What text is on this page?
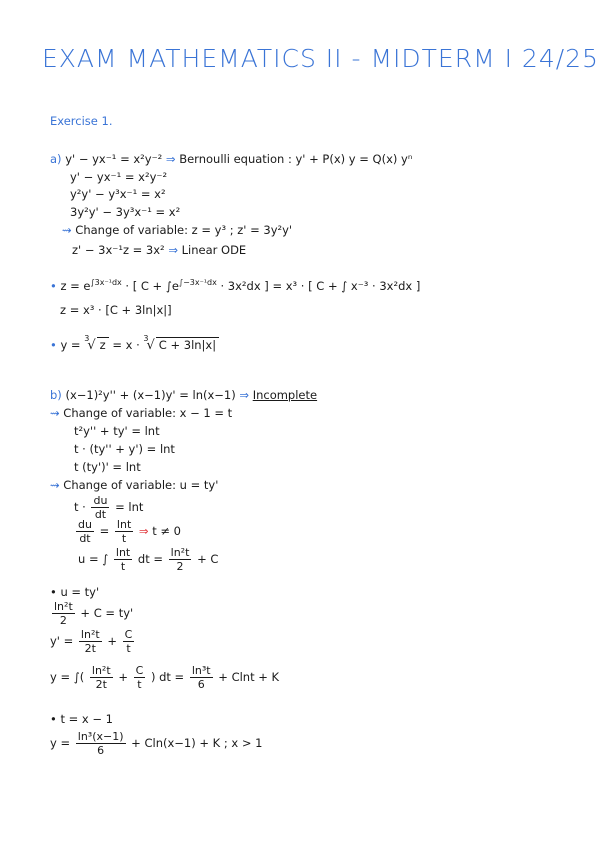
EXAM MATHEMATICS II - MIDTERM I 24/25
Exercise 1.
a) y' − yx⁻¹ = x²y⁻² ⇒ Bernoulli equation : y' + P(x) y = Q(x) yⁿ
y' − yx⁻¹ = x²y⁻²
y²y' − y³x⁻¹ = x²
3y²y' − 3y³x⁻¹ = x²
⇝ Change of variable: z = y³ ; z' = 3y²y'
z' − 3x⁻¹z = 3x² ⇒ Linear ODE
• $z = e^{\int 3x^{-1}dx}$ · [ $C + \int e^{\int-3x^{-1}dx} \cdot 3x^2dx$ ] = x³ · [ C + ∫ x⁻³ · 3x²dx ]
z = x³ · [C + 3ln|x|]
• y = $^3$√ z = x · $^3$√ C + 3ln|x|
b) (x−1)²y'' + (x−1)y' = ln(x−1) ⇒ Incomplete
⇝ Change of variable: x − 1 = t
t²y'' + ty' = lnt
t · (ty'' + y') = lnt
t (ty')' = lnt
⇝ Change of variable: u = ty'
$t \cdot \frac{du}{dt} = \ln t$
$\frac{du}{dt} = \frac{\ln t}{t}$ ⇒ t ≠ 0
u = ∫ $\frac{\ln t}{t}$ dt = $\frac{\text{ln²t}}{2} + C$
• u = ty'
$\frac{\text{ln²t}}{2} + C = ty'$
$y' = \frac{\text{ln²t}}{2t} + \frac{C}{t}$
y = ∫( $\frac{\text{ln²t}}{2t} + \frac{C}{t}$ ) dt = $\frac{\text{ln³t}}{6} + Clnt + K$
• t = x − 1
$y = \frac{\text{ln³(x−1)}}{6} + Cln(x-1) + K$ ; x > 1
